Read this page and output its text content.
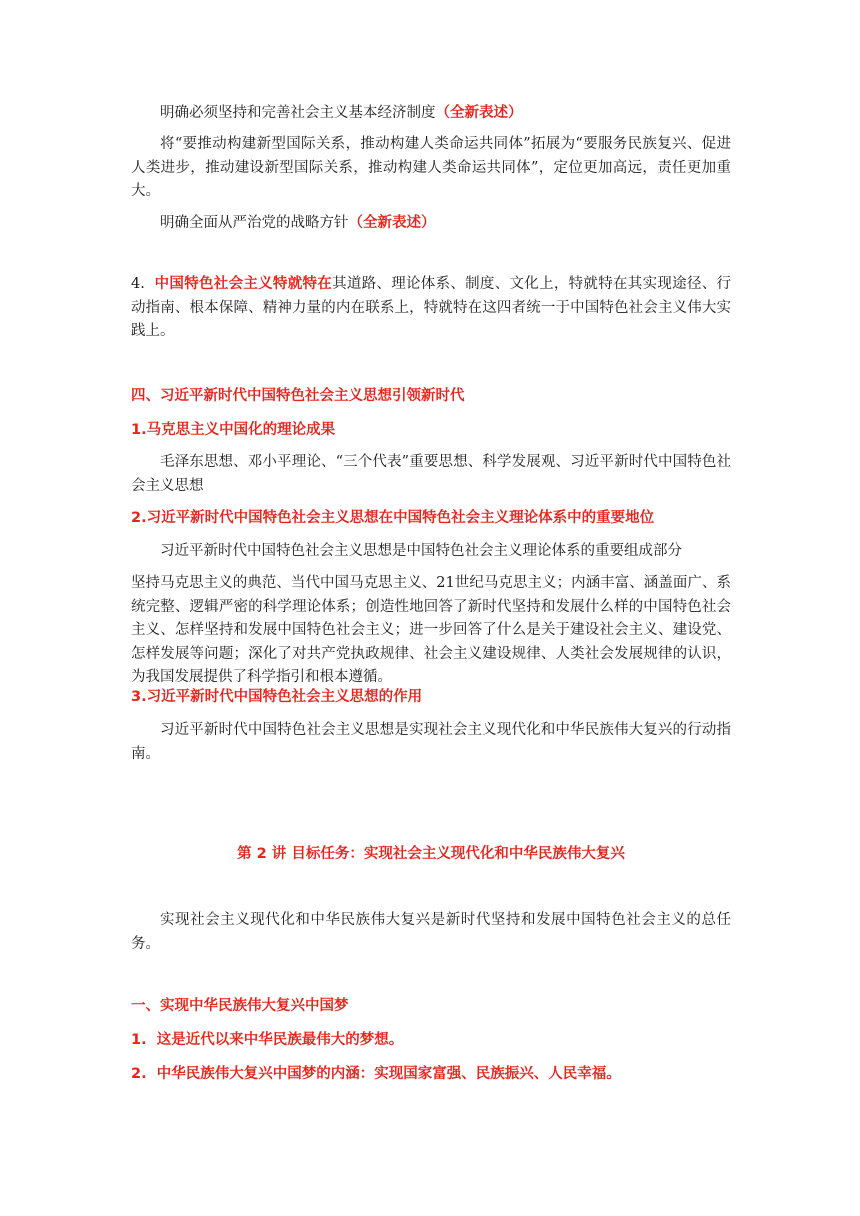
明确必须坚持和完善社会主义基本经济制度（全新表述）

将“要推动构建新型国际关系，推动构建人类命运共同体”拓展为“要服务民族复兴、促进人类进步，推动建设新型国际关系，推动构建人类命运共同体”，定位更加高远，责任更加重大。

明确全面从严治党的战略方针（全新表述）

4. 中国特色社会主义特就特在其道路、理论体系、制度、文化上，特就特在其实现途径、行动指南、根本保障、精神力量的内在联系上，特就特在这四者统一于中国特色社会主义伟大实践上。

四、习近平新时代中国特色社会主义思想引领新时代

1.马克思主义中国化的理论成果

毛泽东思想、邓小平理论、“三个代表”重要思想、科学发展观、习近平新时代中国特色社会主义思想

2.习近平新时代中国特色社会主义思想在中国特色社会主义理论体系中的重要地位

习近平新时代中国特色社会主义思想是中国特色社会主义理论体系的重要组成部分

坚持马克思主义的典范、当代中国马克思主义、21世纪马克思主义；内涵丰富、涵盖面广、系统完整、逻辑严密的科学理论体系；创造性地回答了新时代坚持和发展什么样的中国特色社会主义、怎样坚持和发展中国特色社会主义；进一步回答了什么是关于建设社会主义、建设党、怎样发展等问题；深化了对共产党执政规律、社会主义建设规律、人类社会发展规律的认识，为我国发展提供了科学指引和根本遵循。

3.习近平新时代中国特色社会主义思想的作用

习近平新时代中国特色社会主义思想是实现社会主义现代化和中华民族伟大复兴的行动指南。

第 2 讲 目标任务：实现社会主义现代化和中华民族伟大复兴

实现社会主义现代化和中华民族伟大复兴是新时代坚持和发展中国特色社会主义的总任务。

一、实现中华民族伟大复兴中国梦

1. 这是近代以来中华民族最伟大的梦想。

2. 中华民族伟大复兴中国梦的内涵：实现国家富强、民族振兴、人民幸福。
